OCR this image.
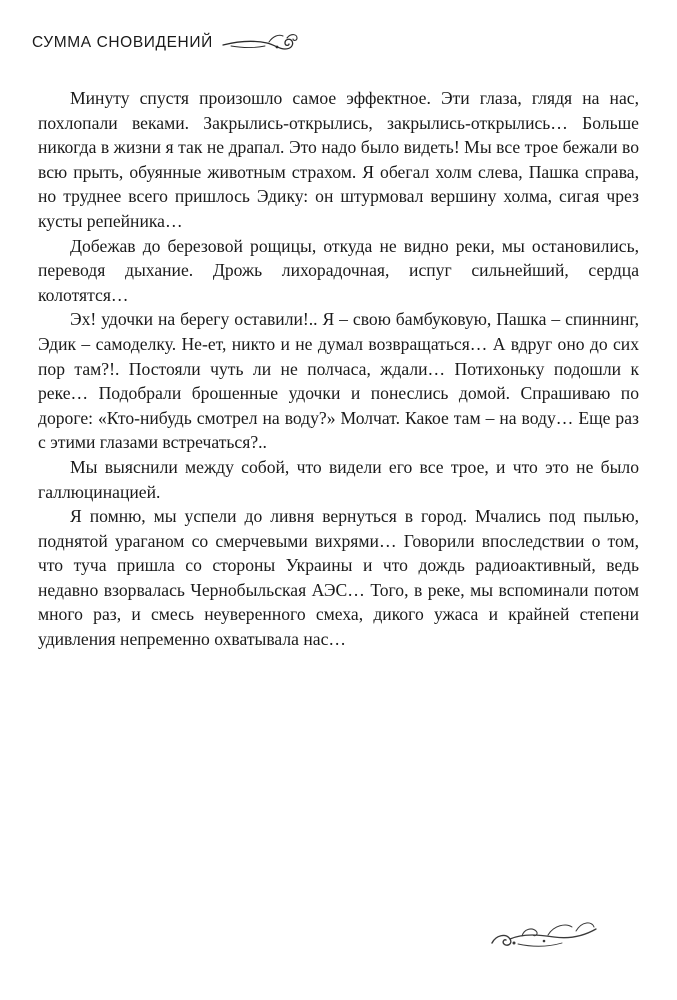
СУММА СНОВИДЕНИЙ

Минуту спустя произошло самое эффектное. Эти глаза, глядя на нас, похлопали веками. Закрылись-открылись, закрылись-открылись… Больше никогда в жизни я так не драпал. Это надо было видеть! Мы все трое бежали во всю прыть, обуянные животным страхом. Я обегал холм слева, Пашка справа, но труднее всего пришлось Эдику: он штурмовал вершину холма, сигая чрез кусты репейника…

Добежав до березовой рощицы, откуда не видно реки, мы остановились, переводя дыхание. Дрожь лихорадочная, испуг сильнейший, сердца колотятся…

Эх! удочки на берегу оставили!.. Я – свою бамбуковую, Пашка – спиннинг, Эдик – самоделку. Не-ет, никто и не думал возвращаться… А вдруг оно до сих пор там?!. Постояли чуть ли не полчаса, ждали… Потихоньку подошли к реке… Подобрали брошенные удочки и понеслись домой. Спрашиваю по дороге: «Кто-нибудь смотрел на воду?» Молчат. Какое там – на воду… Еще раз с этими глазами встречаться?..

Мы выяснили между собой, что видели его все трое, и что это не было галлюцинацией.

Я помню, мы успели до ливня вернуться в город. Мчались под пылью, поднятой ураганом со смерчевыми вихрями… Говорили впоследствии о том, что туча пришла со стороны Украины и что дождь радиоактивный, ведь недавно взорвалась Чернобыльская АЭС… Того, в реке, мы вспоминали потом много раз, и смесь неуверенного смеха, дикого ужаса и крайней степени удивления непременно охватывала нас…
